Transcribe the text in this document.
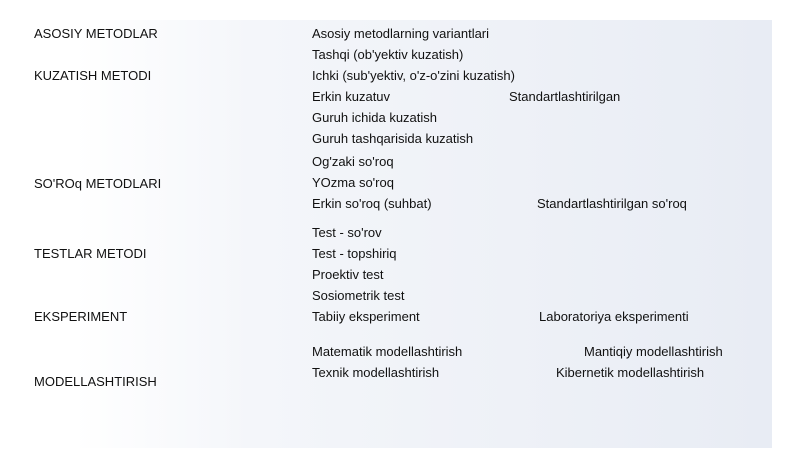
ASOSIY METODLAR
KUZATISH METODI
SO'ROq METODLARI
TESTLAR METODI
EKSPERIMENT
MODELLASHTIRISH
Asosiy metodlarning variantlari
Tashqi (ob'yektiv kuzatish)
Ichki (sub'yektiv, o'z-o'zini kuzatish)
Erkin kuzatuv
Guruh ichida kuzatish
Guruh tashqarisida kuzatish
Og'zaki so'roq
YOzma so'roq
Erkin so'roq (suhbat)
Test - so'rov
Test - topshiriq
Proektiv test
Sosiometrik test
Tabiiy eksperiment
Matematik modellashtirish
Texnik modellashtirish
Standartlashtirilgan
Standartlashtirilgan so'roq
Laboratoriya eksperimenti
Mantiqiy modellashtirish
Kibernetik modellashtirish
